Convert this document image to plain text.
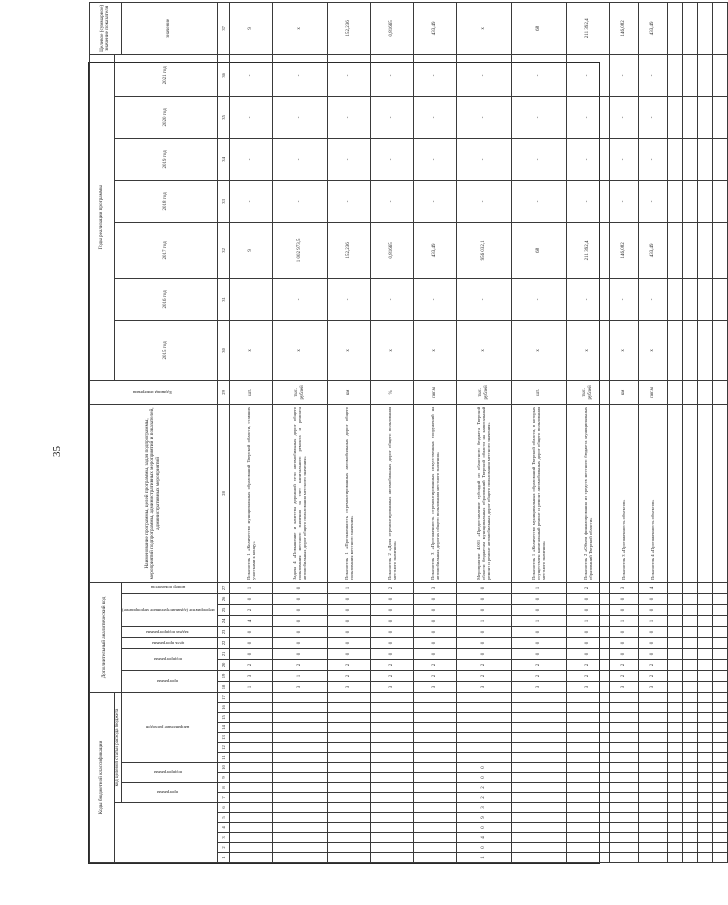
35
Коды бюджетной классификации																	Дополнительный аналитический код										Наименование программы, целей программы, задач подпрограммы, мероприятий подпрограммы, административных мероприятий и показателей, административных мероприятий	Единица измерения	Годы реализации программы							Целевое (суммарное) значение показателя
						код целевой статьи расхода бюджета																							2015 год	2016 год	2017 год	2018 год	2019 год	2020 год	2021 год	
						программа		подпрограмма		направление расходов							программа		подпрограмма		цель программы	задача подпрограммы	мероприятие (административное мероприятие)			номер показателя										значение
1	2	3	4	5	6	7	8	9	10	11	12	13	14	15	16	17	18	19	20	21	22	23	24	25	26	27	28	29	30	31	32	33	34	35	36	37
																	1	3	2	0	0	0	4	2	0	1	Показатель 1 «Количество муниципальных образований Тверской области, ставших участками к концу»	шт.	х		9	-	-	-	-	9
																	3	1	2	0	0	0	0	0	0	0	Задача 4 «Повышение и качества дорожной сети автомобильных дорог общего пользования местного значения за счет капитального ремонта и ремонта автомобильных дорог общего пользования местного значения»	тыс. рублей	х	-	1 002 973,5	-	-	-	-	х
																	3	2	2	0	0	0	0	0	0	1	Показатель 1 «Протяженность отремонтированных автомобильных дорог общего пользования местного значения»	км	х	-	152,236	-	-	-	-	152,236
																	3	2	2	0	0	0	0	0	0	2	Показатель 2 «Доля отремонтированных автомобильных дорог общего пользования местного значения»	%	х	-	0,81665	-	-	-	-	0,81665
																	3	2	2	0	0	0	0	0	0	3	Показатель 3 «Протяженность отремонтированных искусственных сооружений на автомобильных дорогах общего пользования местного значения»	пог.м	х	-	433,49	-	-	-	-	433,49
1	0	4	0	9	3	2	2	0	0								3	2	2	0	0	0	1	0	0	0	Мероприятие 4.001 «Предоставление субсидий из областного бюджета Тверской области бюджетам муниципальных образований Тверской области на капитальный ремонт и ремонт автомобильных дорог общего пользования местного значения»	тыс. рублей	х	-	956 032,1	-	-	-	-	х
																	3	2	2	0	0	0	1	0	0	1	Показатель 1 «Количество муниципальных образований Тверской области, в которых осуществлен капитальный ремонт и ремонт автомобильных дорог общего пользования местного значения»	шт.	х	-	68	-	-	-	-	68
																	3	2	2	0	0	0	1	0	0	2	Показатель 2 «Объем финансирования из средств местного бюджета муниципальных образований Тверской области»	тыс. рублей	х	-	211 392,4	-	-	-	-	211 392,4
																	3	2	2	0	0	0	1	0	0	3	Показатель 3 «Протяженность объектов»	км	х	-	146,082	-	-	-	-	146,082
																	3	2	2	0	0	0	1	0	0	4	Показатель 4 «Протяженность объектов»	пог.м	х	-	433,49	-	-	-	-	433,49
